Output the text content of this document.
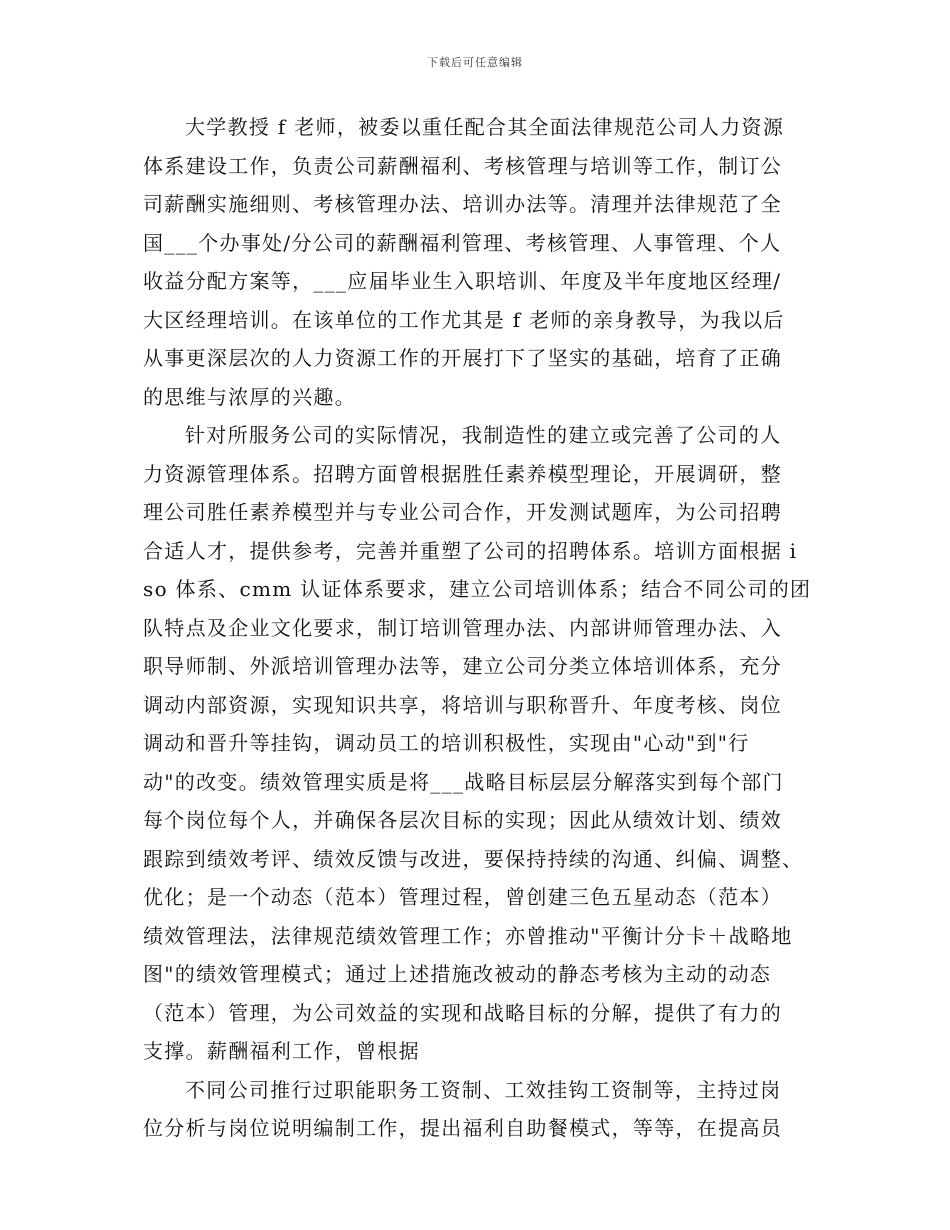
下载后可任意编辑
大学教授 f 老师，被委以重任配合其全面法律规范公司人力资源
体系建设工作，负责公司薪酬福利、考核管理与培训等工作，制订公
司薪酬实施细则、考核管理办法、培训办法等。清理并法律规范了全
国___个办事处/分公司的薪酬福利管理、考核管理、人事管理、个人
收益分配方案等，___应届毕业生入职培训、年度及半年度地区经理/
大区经理培训。在该单位的工作尤其是 f 老师的亲身教导，为我以后
从事更深层次的人力资源工作的开展打下了坚实的基础，培育了正确
的思维与浓厚的兴趣。
针对所服务公司的实际情况，我制造性的建立或完善了公司的人
力资源管理体系。招聘方面曾根据胜任素养模型理论，开展调研，整
理公司胜任素养模型并与专业公司合作，开发测试题库，为公司招聘
合适人才，提供参考，完善并重塑了公司的招聘体系。培训方面根据 i
so 体系、cmm 认证体系要求，建立公司培训体系；结合不同公司的团
队特点及企业文化要求，制订培训管理办法、内部讲师管理办法、入
职导师制、外派培训管理办法等，建立公司分类立体培训体系，充分
调动内部资源，实现知识共享，将培训与职称晋升、年度考核、岗位
调动和晋升等挂钩，调动员工的培训积极性，实现由"心动"到"行
动"的改变。绩效管理实质是将___战略目标层层分解落实到每个部门
每个岗位每个人，并确保各层次目标的实现；因此从绩效计划、绩效
跟踪到绩效考评、绩效反馈与改进，要保持持续的沟通、纠偏、调整、
优化；是一个动态（范本）管理过程，曾创建三色五星动态（范本）
绩效管理法，法律规范绩效管理工作；亦曾推动"平衡计分卡＋战略地
图"的绩效管理模式；通过上述措施改被动的静态考核为主动的动态
（范本）管理，为公司效益的实现和战略目标的分解，提供了有力的
支撑。薪酬福利工作，曾根据
不同公司推行过职能职务工资制、工效挂钩工资制等，主持过岗
位分析与岗位说明编制工作，提出福利自助餐模式，等等，在提高员
